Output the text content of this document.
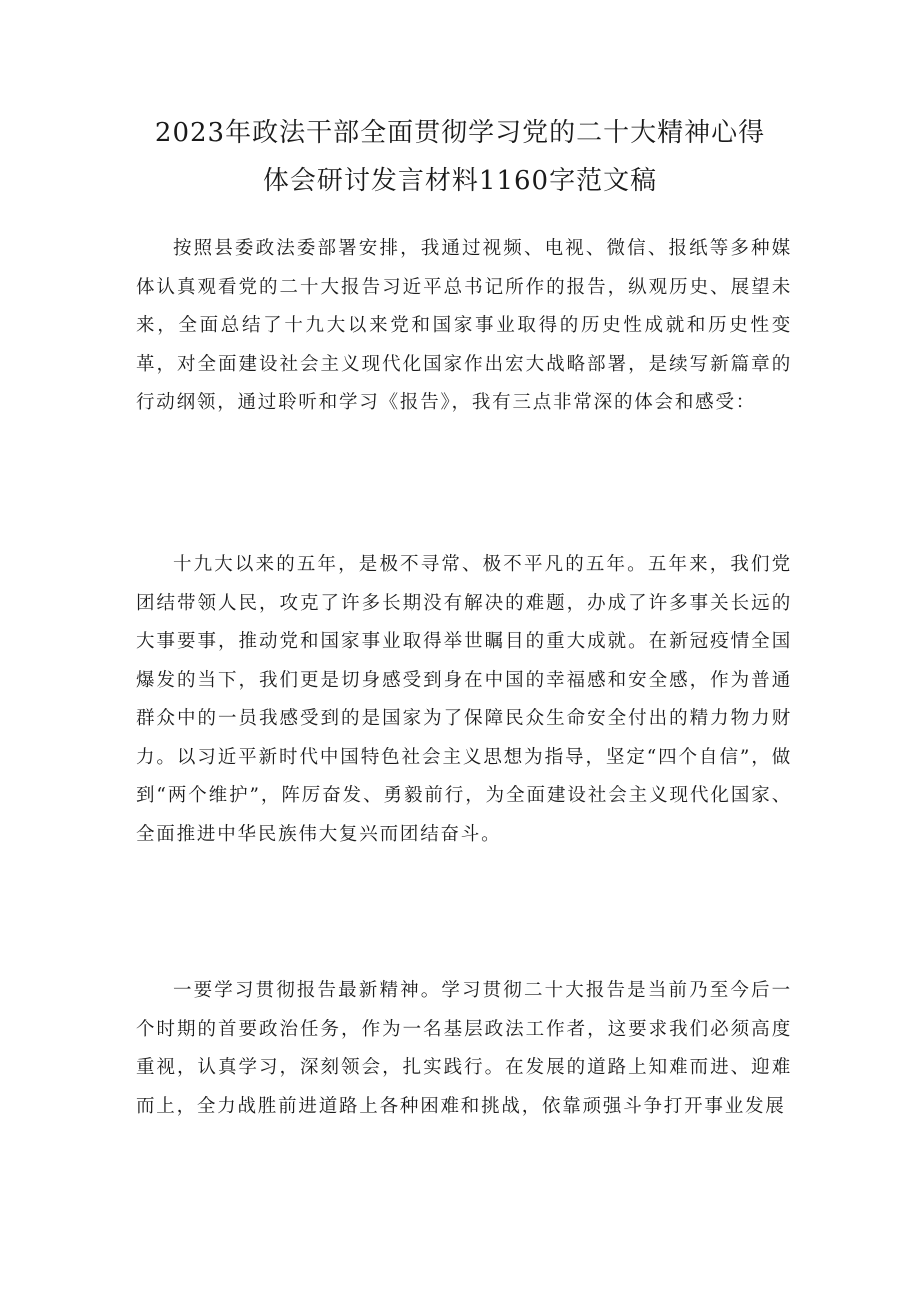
2023年政法干部全面贯彻学习党的二十大精神心得
体会研讨发言材料1160字范文稿

按照县委政法委部署安排，我通过视频、电视、微信、报纸等多种媒体认真观看党的二十大报告习近平总书记所作的报告，纵观历史、展望未来，全面总结了十九大以来党和国家事业取得的历史性成就和历史性变革，对全面建设社会主义现代化国家作出宏大战略部署，是续写新篇章的行动纲领，通过聆听和学习《报告》，我有三点非常深的体会和感受：

十九大以来的五年，是极不寻常、极不平凡的五年。五年来，我们党团结带领人民，攻克了许多长期没有解决的难题，办成了许多事关长远的大事要事，推动党和国家事业取得举世瞩目的重大成就。在新冠疫情全国爆发的当下，我们更是切身感受到身在中国的幸福感和安全感，作为普通群众中的一员我感受到的是国家为了保障民众生命安全付出的精力物力财力。以习近平新时代中国特色社会主义思想为指导，坚定“四个自信”，做到“两个维护”，阵厉奋发、勇毅前行，为全面建设社会主义现代化国家、全面推进中华民族伟大复兴而团结奋斗。

一要学习贯彻报告最新精神。学习贯彻二十大报告是当前乃至今后一个时期的首要政治任务，作为一名基层政法工作者，这要求我们必须高度重视，认真学习，深刻领会，扎实践行。在发展的道路上知难而进、迎难而上，全力战胜前进道路上各种困难和挑战，依靠顽强斗争打开事业发展
